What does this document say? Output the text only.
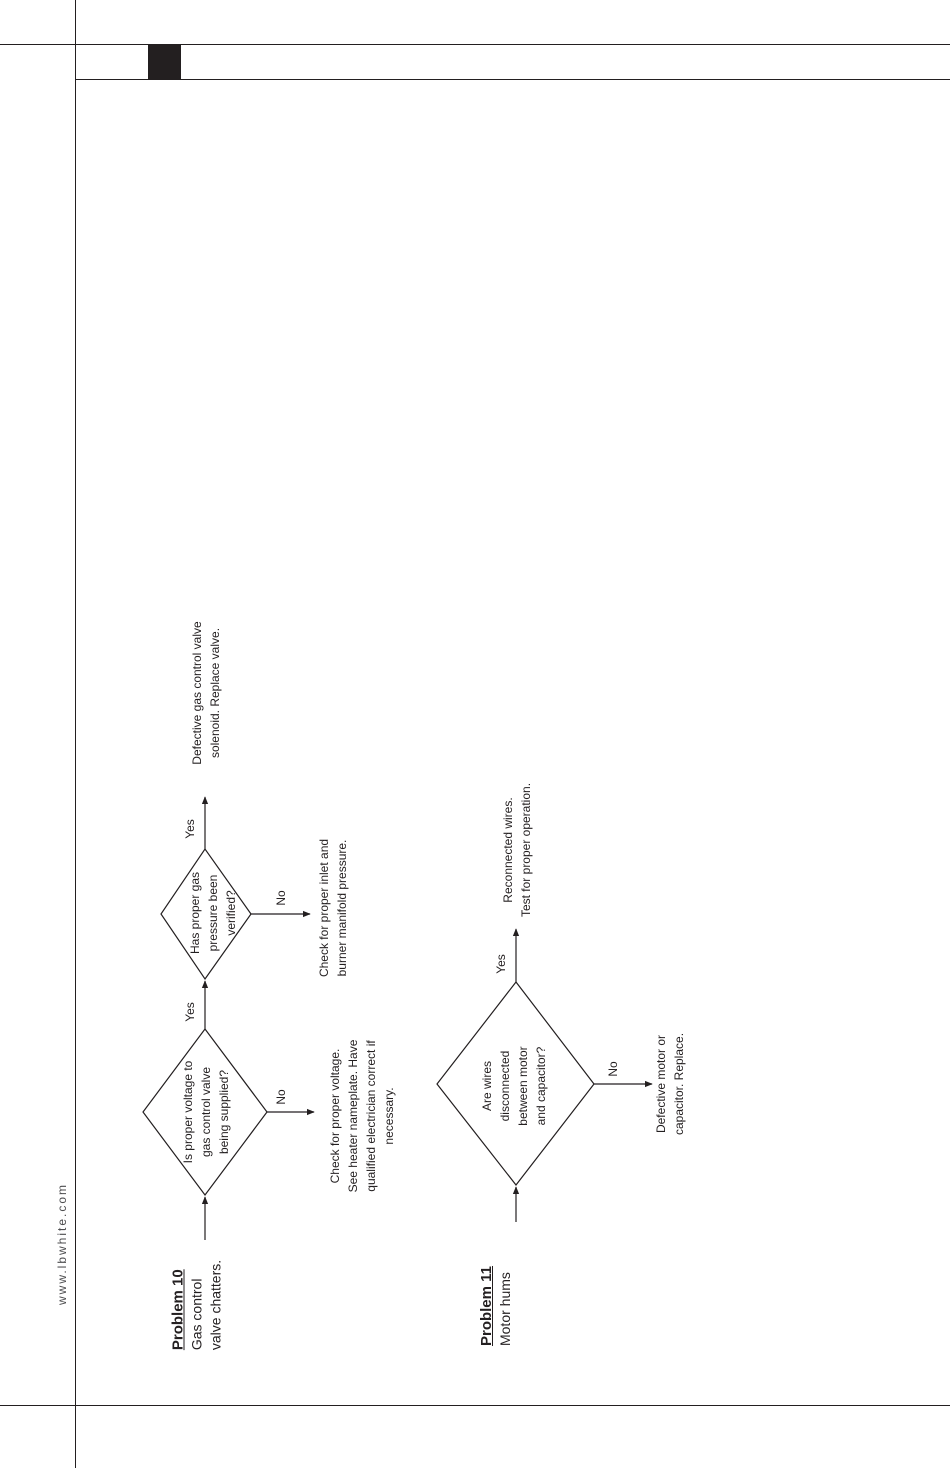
www.lbwhite.com
Problem 10 Gas control valve chatters.
Is proper voltage to gas control valve being supplied?
Yes
No	Check for proper voltage. See heater nameplate. Have qualified electrician correct if necessary.
Has proper gas pressure been verified?
Yes
No Check for proper inlet and burner manifold pressure.
Defective gas control valve solenoid. Replace valve.
Problem 11 Motor hums
Are wires disconnected between motor and capacitor?
Yes
No
Reconnected wires. Test for proper operation.
Defective motor or capacitor. Replace.
